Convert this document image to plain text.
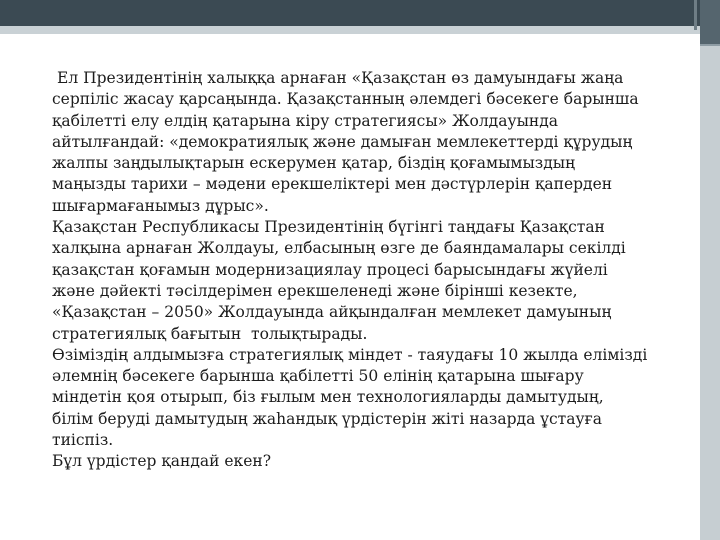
Ел Президентінің халыққа арнаған «Қазақстан өз дамуындағы жаңа
серпіліс жасау қарсаңында. Қазақстанның әлемдегі бәсекеге барынша
қабілетті елу елдің қатарына кіру стратегиясы» Жолдауында
айтылғандай: «демократиялық және дамыған мемлекеттерді құрудың
жалпы заңдылықтарын ескерумен қатар, біздің қоғамымыздың
маңызды тарихи – мәдени ерекшеліктері мен дәстүрлерін қаперден
шығармағанымыз дұрыс».

Қазақстан Республикасы Президентінің бүгінгі таңдағы Қазақстан
халқына арнаған Жолдауы, елбасының өзге де баяндамалары секілді
қазақстан қоғамын модернизациялау процесі барысындағы жүйелі
және дәйекті тәсілдерімен ерекшеленеді және бірінші кезекте,
«Қазақстан – 2050» Жолдауында айқындалған мемлекет дамуының
стратегиялық бағытын  толықтырады.

Өзіміздің алдымызға стратегиялық міндет - таяудағы 10 жылда елімізді
әлемнің бәсекеге барынша қабілетті 50 елінің қатарына шығару
міндетін қоя отырып, біз ғылым мен технологияларды дамытудың,
білім беруді дамытудың жаһандық үрдістерін жіті назарда ұстауға
тиіспіз.

Бұл үрдістер қандай екен?
